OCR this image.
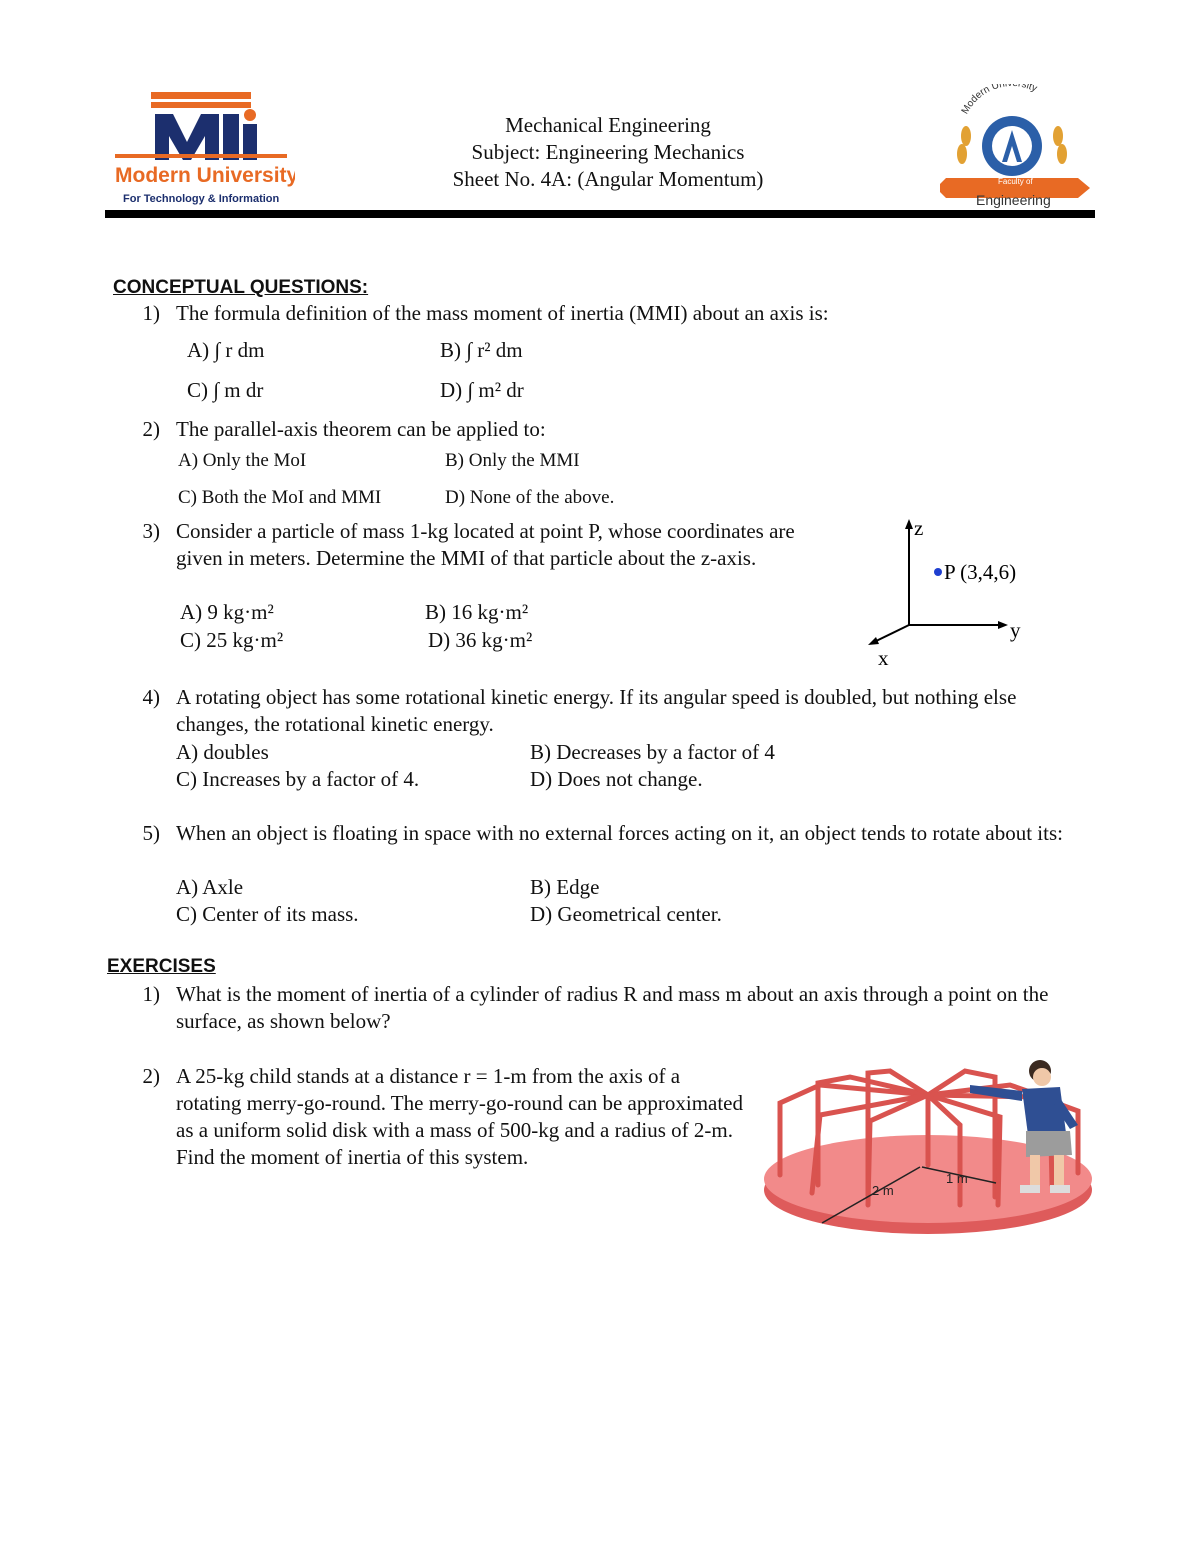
Modern University
For Technology & Information
Mechanical Engineering
Subject: Engineering Mechanics
Sheet No. 4A: (Angular Momentum)
Modern Un rsity
Faculty of
Engineering
CONCEPTUAL QUESTIONS:
1) The formula definition of the mass moment of inertia (MMI) about an axis is:
A) ∫ r dm	B) ∫ r² dm
C) ∫ m dr	D) ∫ m² dr
2) The parallel-axis theorem can be applied to:
A) Only the MoI	B) Only the MMI
C) Both the MoI and MMI	D) None of the above.
3) Consider a particle of mass 1-kg located at point P, whose coordinates are given in meters. Determine the MMI of that particle about the z-axis.
A) 9 kg·m²	B) 16 kg·m²
C) 25 kg·m²	D) 36 kg·m²
z
y
x
P (3,4,6)
4) A rotating object has some rotational kinetic energy. If its angular speed is doubled, but nothing else changes, the rotational kinetic energy.
A) doubles	B) Decreases by a factor of 4
C) Increases by a factor of 4.	D) Does not change.
5) When an object is floating in space with no external forces acting on it, an object tends to rotate about its:
A) Axle	B) Edge
C) Center of its mass.	D) Geometrical center.
EXERCISES
1) What is the moment of inertia of a cylinder of radius R and mass m about an axis through a point on the surface, as shown below?
2) A 25-kg child stands at a distance r = 1-m from the axis of a rotating merry-go-round. The merry-go-round can be approximated as a uniform solid disk with a mass of 500-kg and a radius of 2-m. Find the moment of inertia of this system.
2 m
1 m
